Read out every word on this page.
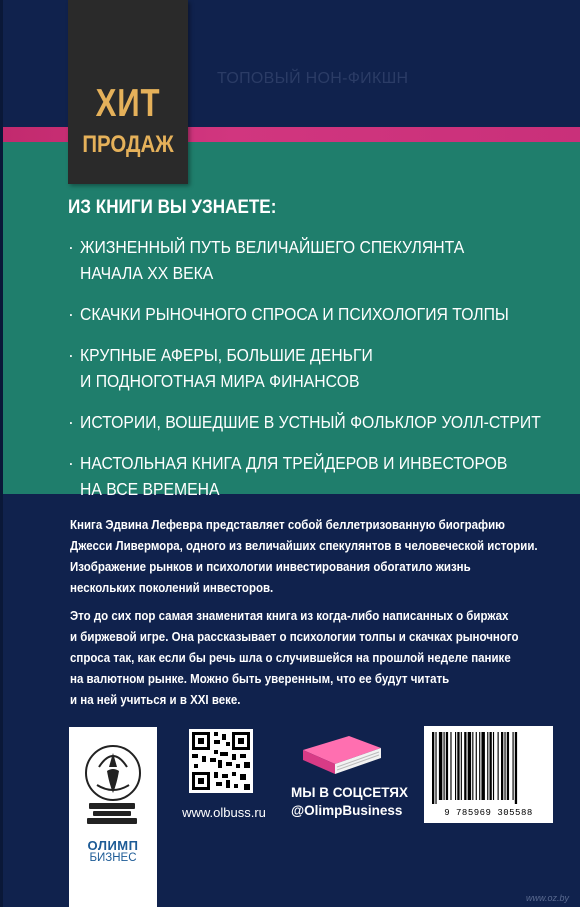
ТОПОВЫЙ НОН-ФИКШН
ХИТ
ПРОДАЖ
ИЗ КНИГИ ВЫ УЗНАЕТЕ:
· ЖИЗНЕННЫЙ ПУТЬ ВЕЛИЧАЙШЕГО СПЕКУЛЯНТА
НАЧАЛА XX ВЕКА
· СКАЧКИ РЫНОЧНОГО СПРОСА И ПСИХОЛОГИЯ ТОЛПЫ
· КРУПНЫЕ АФЕРЫ, БОЛЬШИЕ ДЕНЬГИ
И ПОДНОГОТНАЯ МИРА ФИНАНСОВ
· ИСТОРИИ, ВОШЕДШИЕ В УСТНЫЙ ФОЛЬКЛОР УОЛЛ-СТРИТ
· НАСТОЛЬНАЯ КНИГА ДЛЯ ТРЕЙДЕРОВ И ИНВЕСТОРОВ
НА ВСЕ ВРЕМЕНА
Книга Эдвина Лефевра представляет собой беллетризованную биографию
Джесси Ливермора, одного из величайших спекулянтов в человеческой истории.
Изображение рынков и психологии инвестирования обогатило жизнь
нескольких поколений инвесторов.
Это до сих пор самая знаменитая книга из когда-либо написанных о биржах
и биржевой игре. Она рассказывает о психологии толпы и скачках рыночного
спроса так, как если бы речь шла о случившейся на прошлой неделе панике
на валютном рынке. Можно быть уверенным, что ее будут читать
и на ней учиться и в XXI веке.
ОЛИМП
БИЗНЕС
www.olbuss.ru
МЫ В СОЦСЕТЯХ
@OlimpBusiness	9 785969 305588
www.oz.by
